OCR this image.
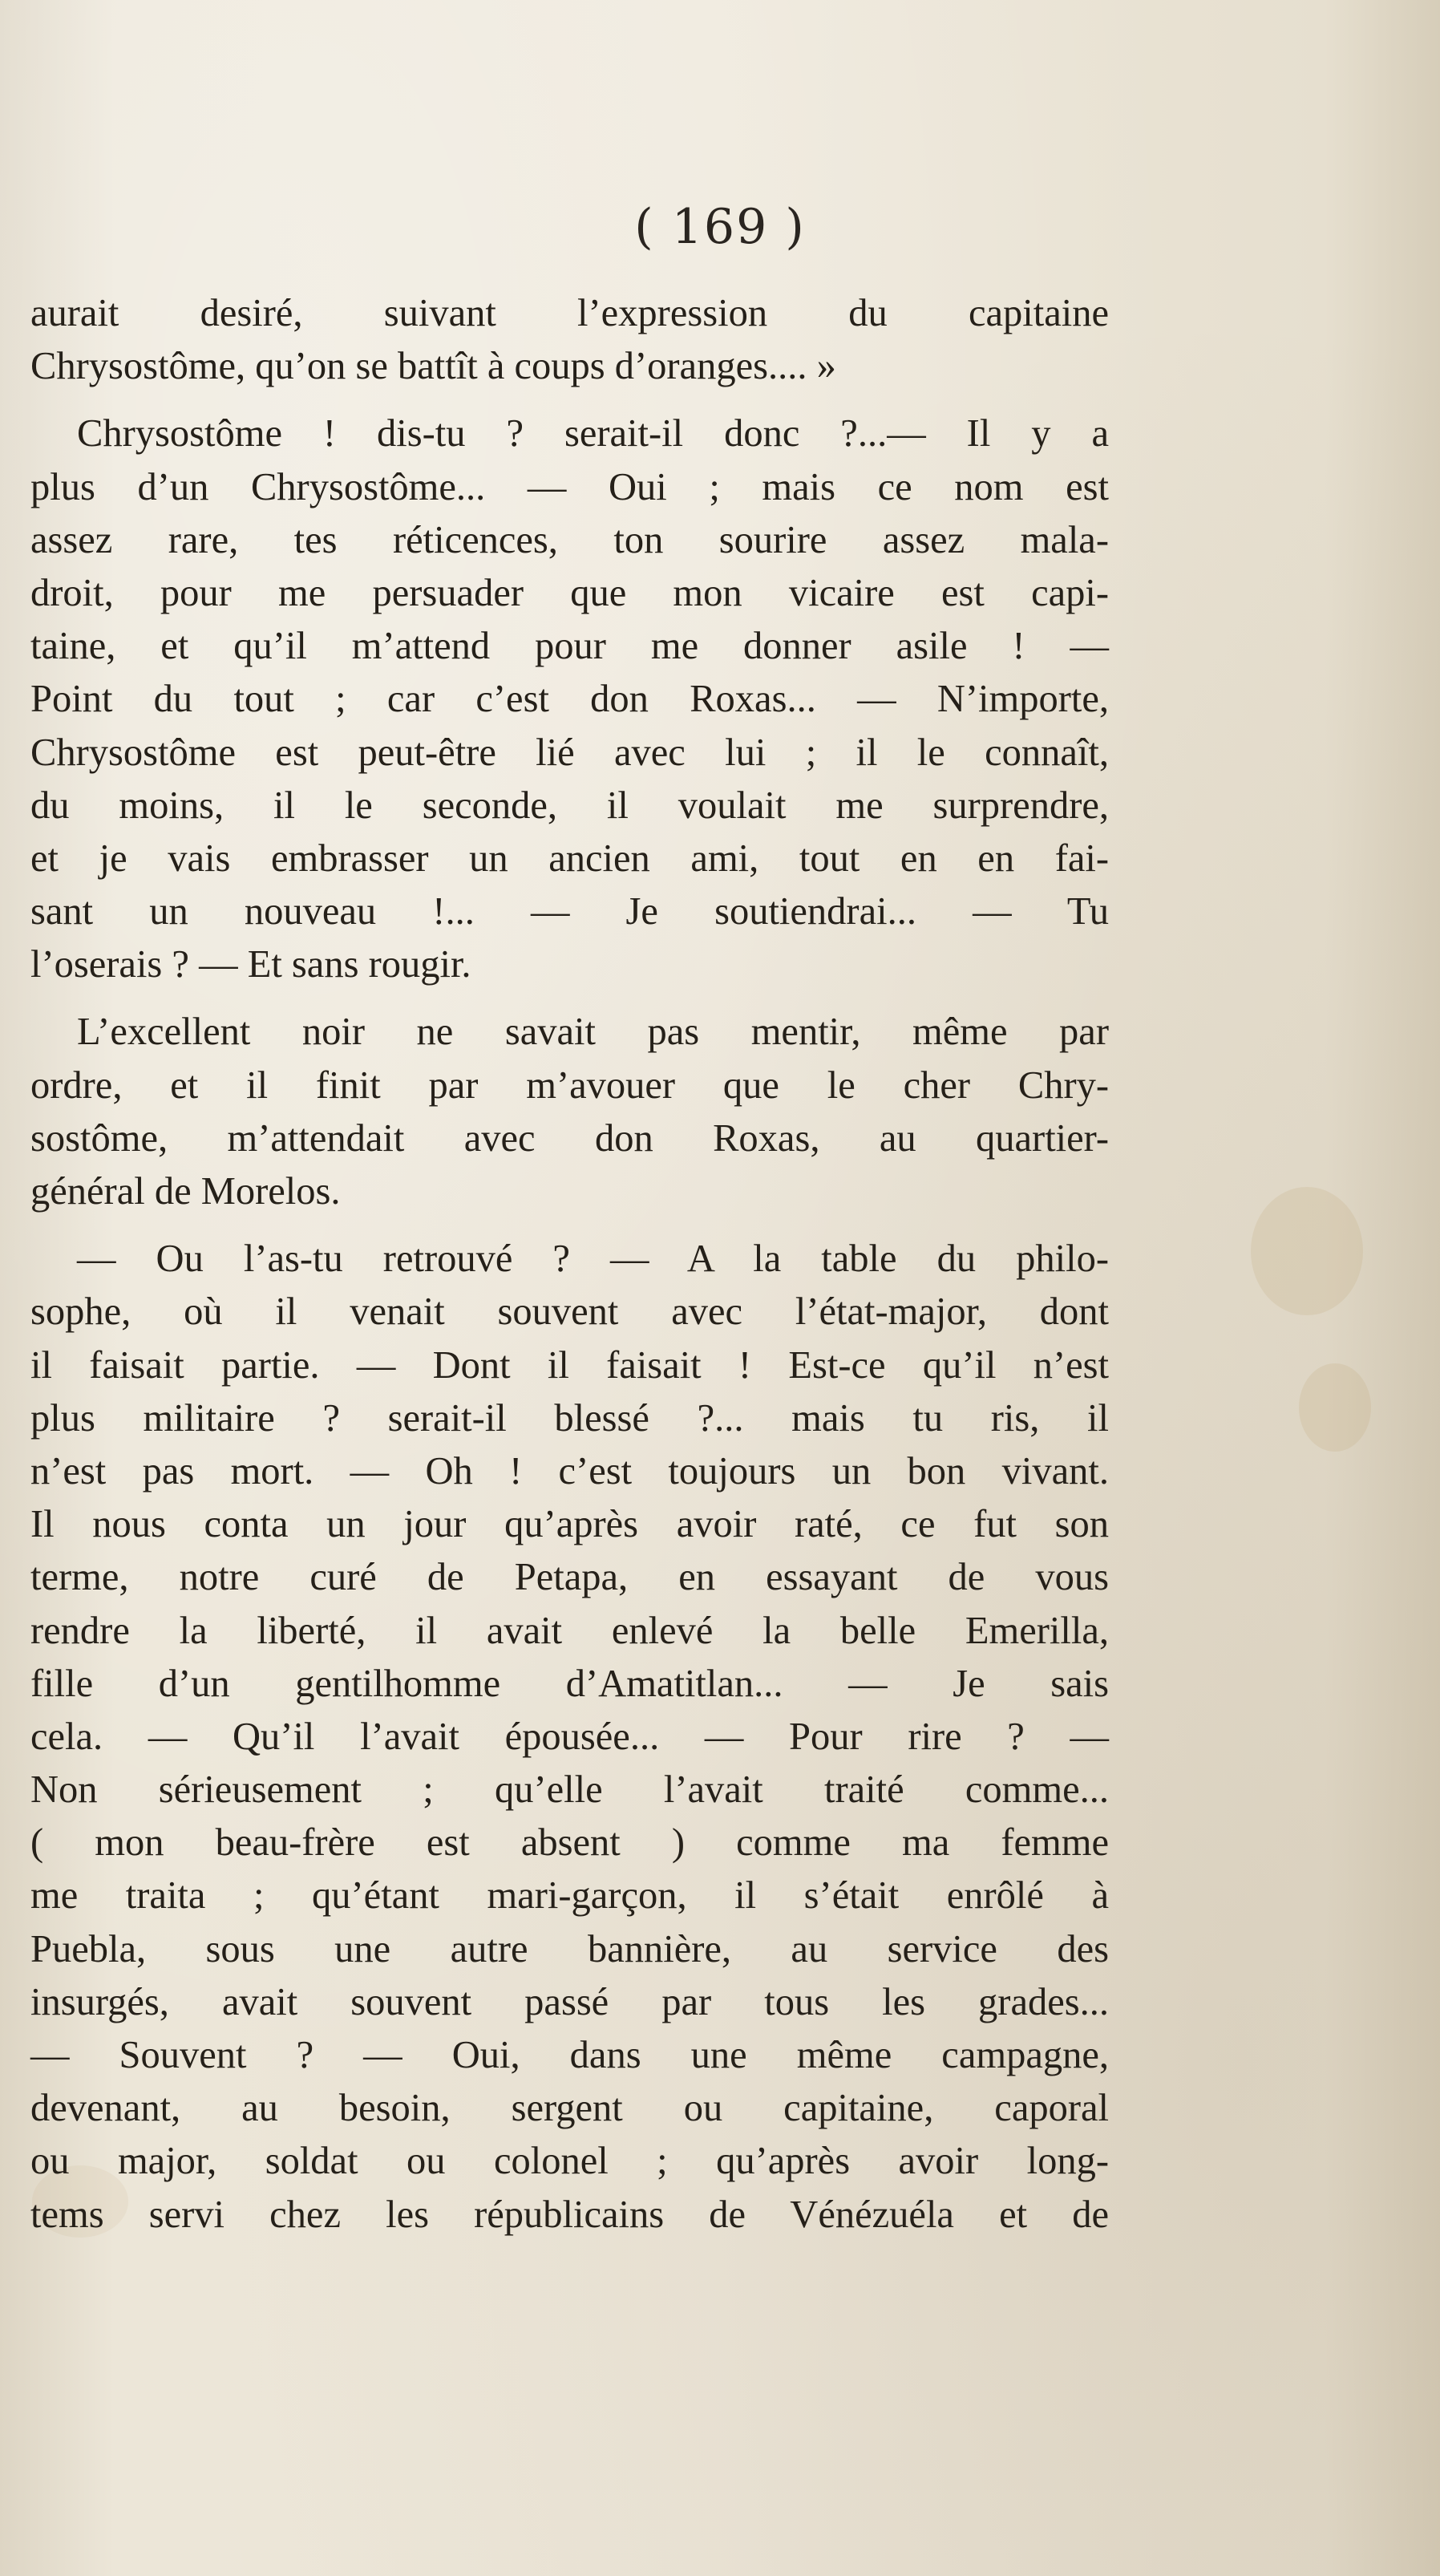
( 169 )
aurait desiré, suivant l’expression du capitaine
Chrysostôme, qu’on se battît à coups d’oranges.... »
Chrysostôme ! dis-tu ? serait-il donc ?...— Il y a
plus d’un Chrysostôme... — Oui ; mais ce nom est
assez rare, tes réticences, ton sourire assez mala-
droit, pour me persuader que mon vicaire est capi-
taine, et qu’il m’attend pour me donner asile ! —
Point du tout ; car c’est don Roxas... — N’importe,
Chrysostôme est peut-être lié avec lui ; il le connaît,
du moins, il le seconde, il voulait me surprendre,
et je vais embrasser un ancien ami, tout en en fai-
sant un nouveau !... — Je soutiendrai... — Tu
l’oserais ? — Et sans rougir.
L’excellent noir ne savait pas mentir, même par
ordre, et il finit par m’avouer que le cher Chry-
sostôme, m’attendait avec don Roxas, au quartier-
général de Morelos.
— Ou l’as-tu retrouvé ? — A la table du philo-
sophe, où il venait souvent avec l’état-major, dont
il faisait partie. — Dont il faisait ! Est-ce qu’il n’est
plus militaire ? serait-il blessé ?... mais tu ris, il
n’est pas mort. — Oh ! c’est toujours un bon vivant.
Il nous conta un jour qu’après avoir raté, ce fut son
terme, notre curé de Petapa, en essayant de vous
rendre la liberté, il avait enlevé la belle Emerilla,
fille d’un gentilhomme d’Amatitlan... — Je sais
cela. — Qu’il l’avait épousée... — Pour rire ? —
Non sérieusement ; qu’elle l’avait traité comme...
( mon beau-frère est absent ) comme ma femme
me traita ; qu’étant mari-garçon, il s’était enrôlé à
Puebla, sous une autre bannière, au service des
insurgés, avait souvent passé par tous les grades...
— Souvent ? — Oui, dans une même campagne,
devenant, au besoin, sergent ou capitaine, caporal
ou major, soldat ou colonel ; qu’après avoir long-
tems servi chez les républicains de Vénézuéla et de
